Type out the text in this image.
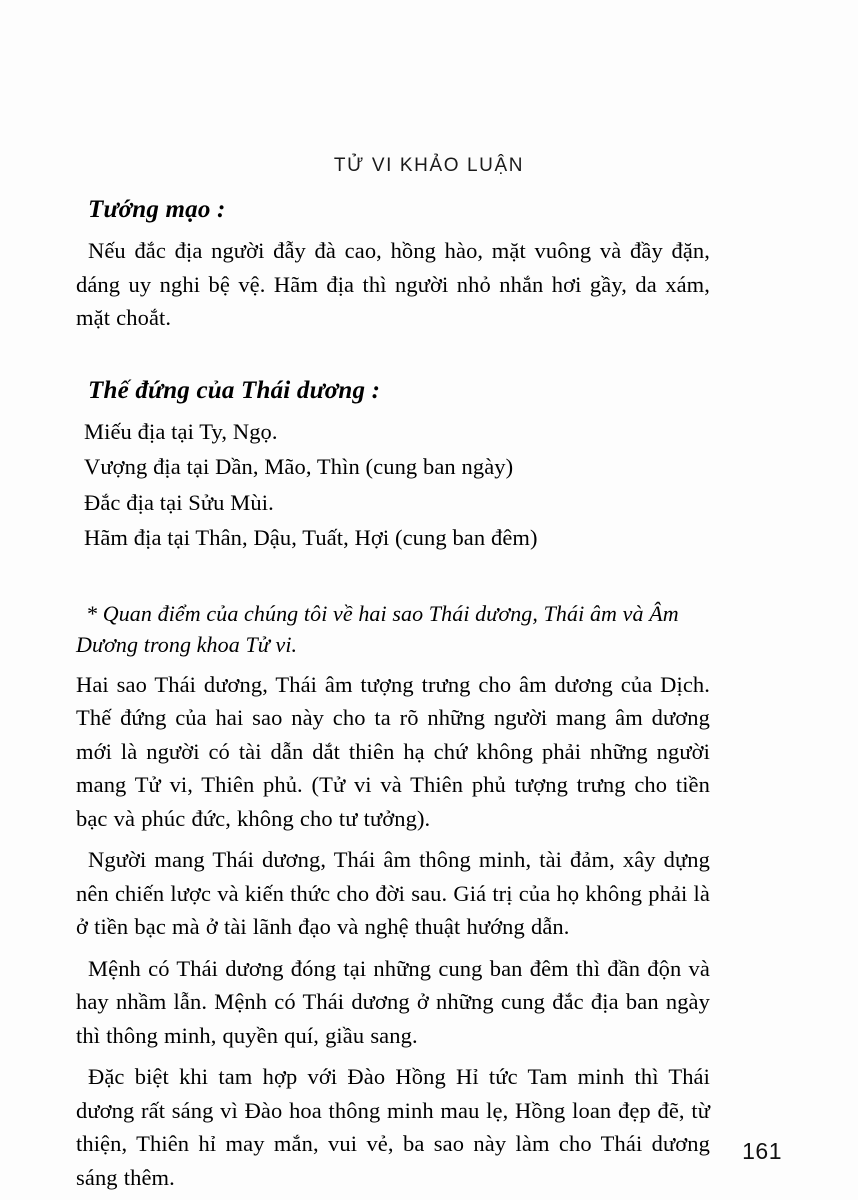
TỬ VI KHẢO LUẬN
Tướng mạo :

Nếu đắc địa người đẫy đà cao, hồng hào, mặt vuông và đầy đặn, dáng uy nghi bệ vệ. Hãm địa thì người nhỏ nhắn hơi gầy, da xám, mặt choắt.

Thế đứng của Thái dương :
Miếu địa tại Ty, Ngọ.
Vượng địa tại Dần, Mão, Thìn (cung ban ngày)
Đắc địa tại Sửu Mùi.
Hãm địa tại Thân, Dậu, Tuất, Hợi (cung ban đêm)

* Quan điểm của chúng tôi về hai sao Thái dương, Thái âm và Âm Dương trong khoa Tử vi.

Hai sao Thái dương, Thái âm tượng trưng cho âm dương của Dịch. Thế đứng của hai sao này cho ta rõ những người mang âm dương mới là người có tài dẫn dắt thiên hạ chứ không phải những người mang Tử vi, Thiên phủ. (Tử vi và Thiên phủ tượng trưng cho tiền bạc và phúc đức, không cho tư tưởng).

Người mang Thái dương, Thái âm thông minh, tài đảm, xây dựng nên chiến lược và kiến thức cho đời sau. Giá trị của họ không phải là ở tiền bạc mà ở tài lãnh đạo và nghệ thuật hướng dẫn.

Mệnh có Thái dương đóng tại những cung ban đêm thì đần độn và hay nhầm lẫn. Mệnh có Thái dương ở những cung đắc địa ban ngày thì thông minh, quyền quí, giầu sang.

Đặc biệt khi tam hợp với Đào Hồng Hỉ tức Tam minh thì Thái dương rất sáng vì Đào hoa thông minh mau lẹ, Hồng loan đẹp đẽ, từ thiện, Thiên hỉ may mắn, vui vẻ, ba sao này làm cho Thái dương sáng thêm.

161
